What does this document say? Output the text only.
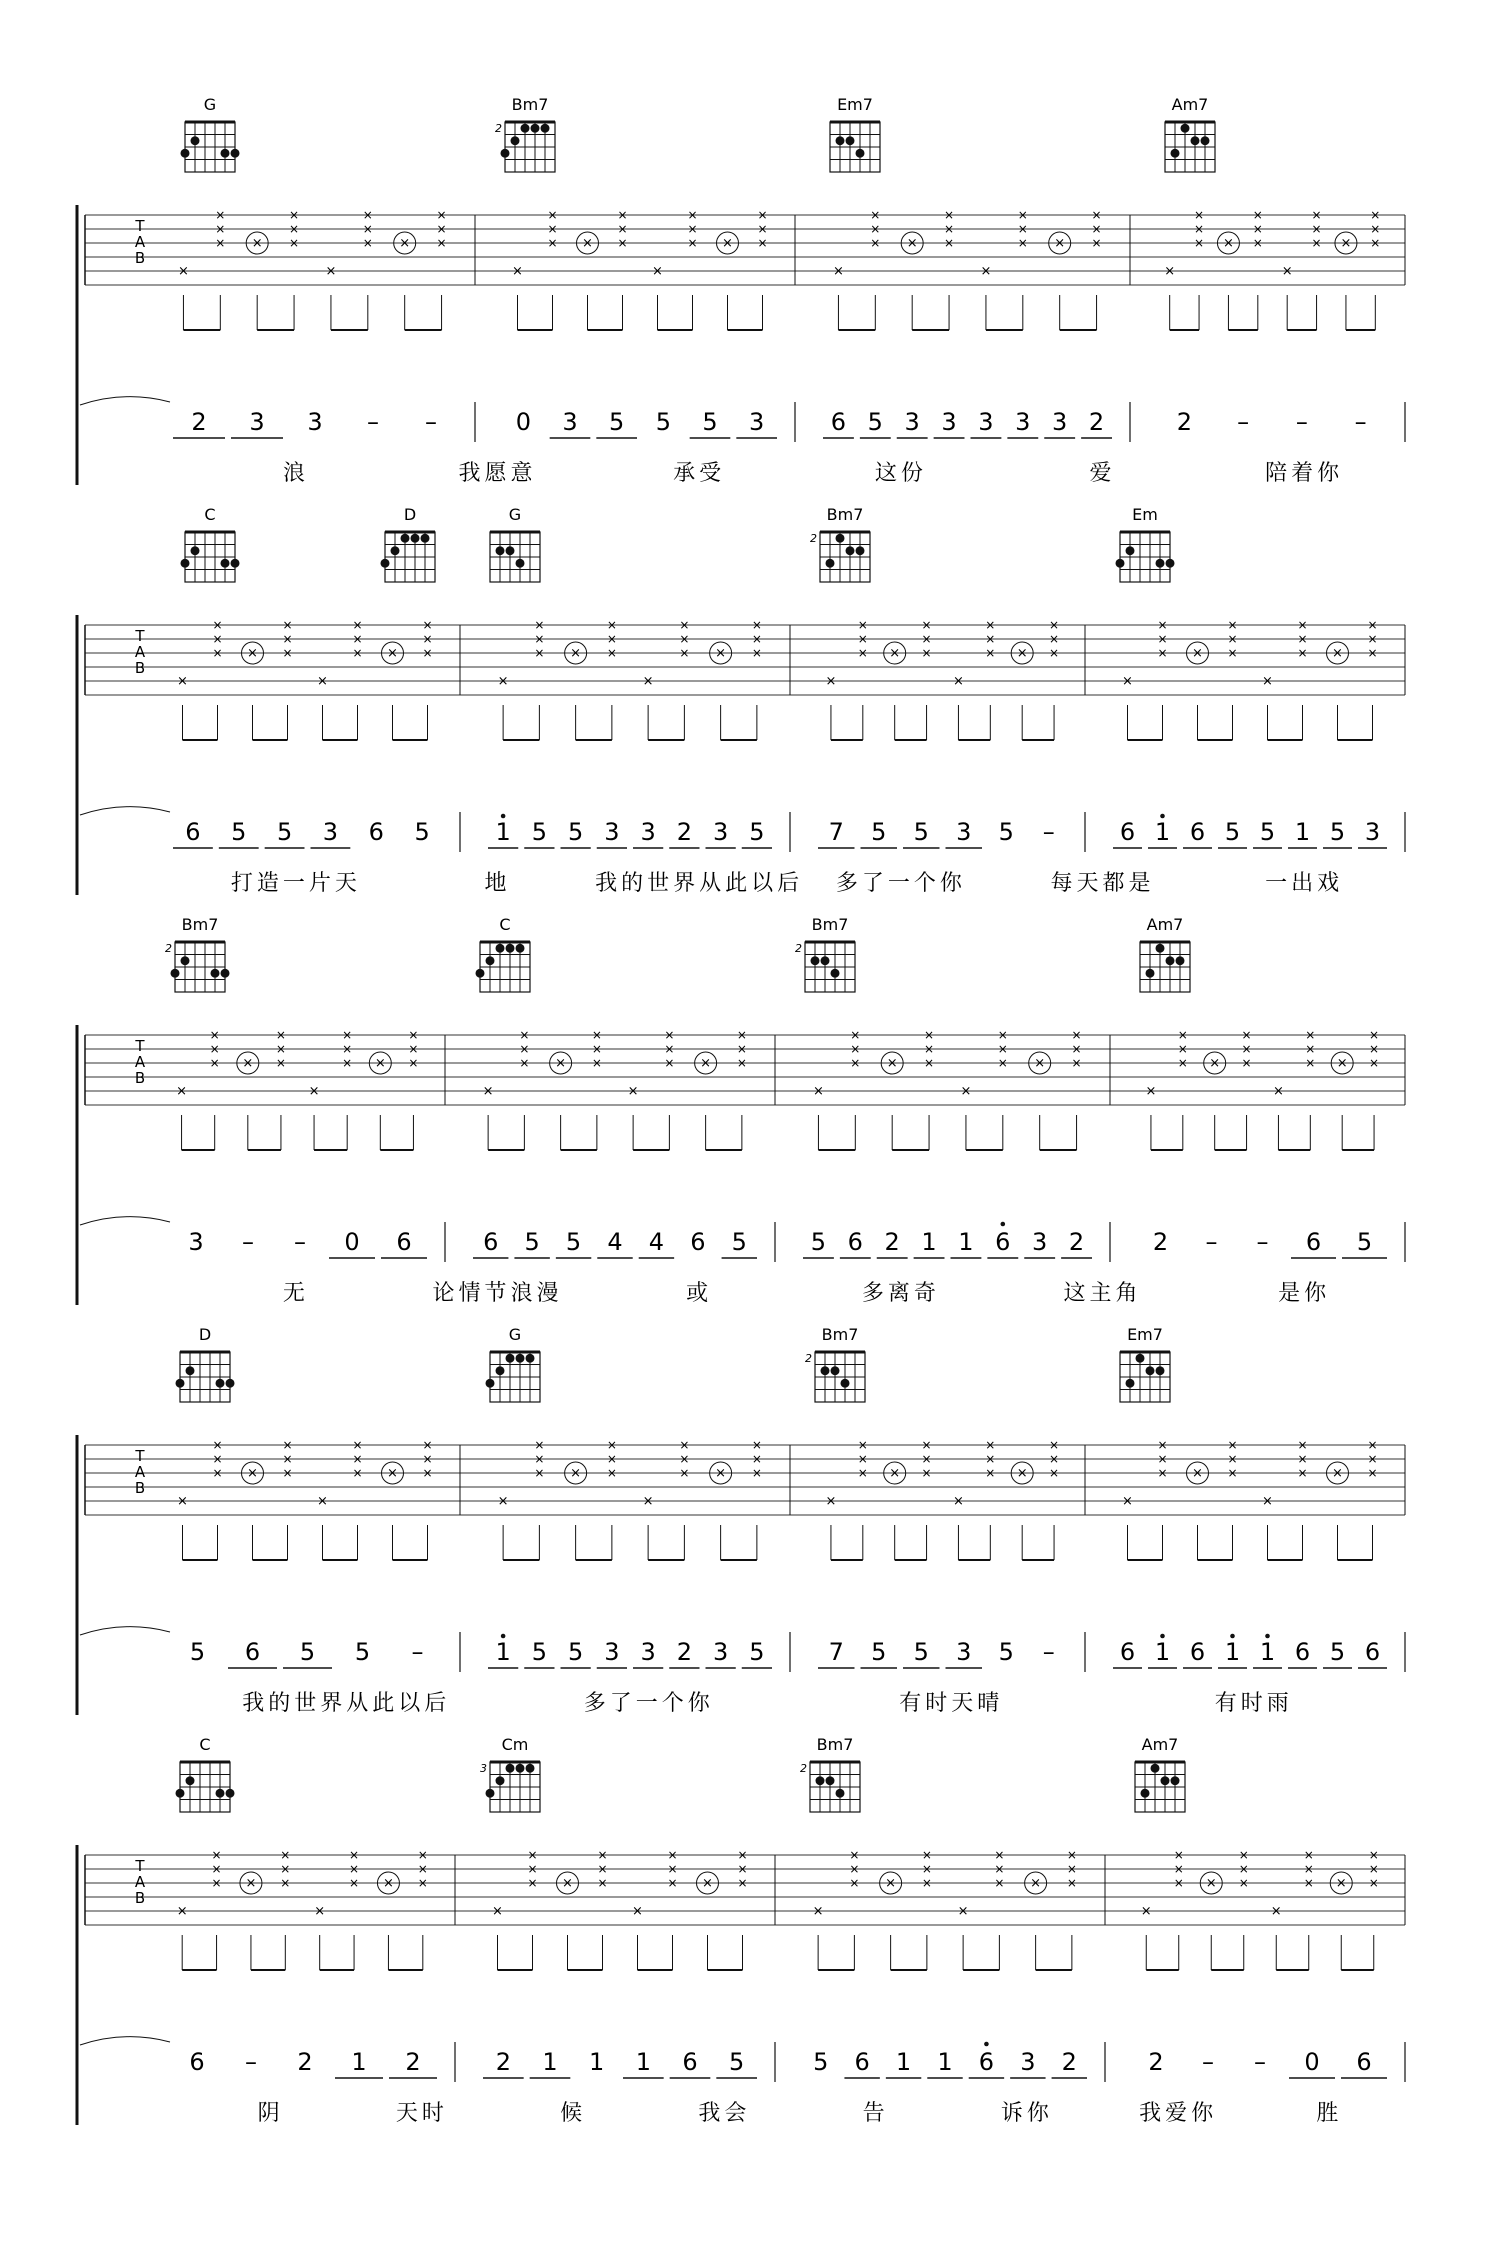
G	Bm7
2
Em7	Am7
T
A
B
×
×
×
× ×
×
×
×
×
×
×
× ×
×
×
×
×
×
×
× ×
×
×
×
×
×
×
× ×
×
×
×
×
×
×
× ×
×
×
×
×
×
×
× ×
×
×
×
×
×
×
× ×
×
×
×
×
×
×
× ×
×
×
×
2 3 3 – –	0 3 5 5 5 3	6 5 3 3 3 3 3 2	2 – – –
浪	我愿意	承受	这份	爱	陪着你
C	D	G	Bm7
2
Em
T
A
B
×
×
×
× ×
×
×
×
×
×
×
× ×
×
×
×
×
×
×
× ×
×
×
×
×
×
×
× ×
×
×
×
×
×
×
× ×
×
×
×
×
×
×
× ×
×
×
×
×
×
×
× ×
×
×
×
×
×
×
× ×
×
×
×
6 5 5 3 6 5	1 5 5 3 3 2 3 5	7 5 5 3 5 –	6 1 6 5 5 1 5 3
打造一片天	地	我的世界从此以后 多了一个你	每天都是	一出戏
Bm7
2
C	Bm7
2
Am7
T
A
B
×
×
×
× ×
×
×
×
×
×
×
× ×
×
×
×
×
×
×
× ×
×
×
×
×
×
×
× ×
×
×
×
×
×
×
× ×
×
×
×
×
×
×
× ×
×
×
×
×
×
×
× ×
×
×
×
×
×
×
× ×
×
×
×
3 – – 0 6	6 5 5 4 4 6 5	5 6 2 1 1 6 3 2	2 – – 6 5
无	论情节浪漫	或	多离奇	这主角	是你
D	G	Bm7
2
Em7
T
A
B
×
×
×
× ×
×
×
×
×
×
×
× ×
×
×
×
×
×
×
× ×
×
×
×
×
×
×
× ×
×
×
×
×
×
×
× ×
×
×
×
×
×
×
× ×
×
×
×
×
×
×
× ×
×
×
×
×
×
×
× ×
×
×
×
5 6 5 5 –	1 5 5 3 3 2 3 5	7 5 5 3 5 –	6 1 6 1 1 6 5 6
我的世界从此以后	多了一个你	有时天晴	有时雨
C	Cm
3
Bm7
2
Am7
T
A
B
×
×
×
× ×
×
×
×
×
×
×
× ×
×
×
×
×
×
×
× ×
×
×
×
×
×
×
× ×
×
×
×
×
×
×
× ×
×
×
×
×
×
×
× ×
×
×
×
×
×
×
× ×
×
×
×
×
×
×
× ×
×
×
×
6 – 2 1 2	2 1 1 1 6 5	5 6 1 1 6 3 2	2 – – 0 6
阴	天时	候	我会	告	诉你	我爱你	胜
